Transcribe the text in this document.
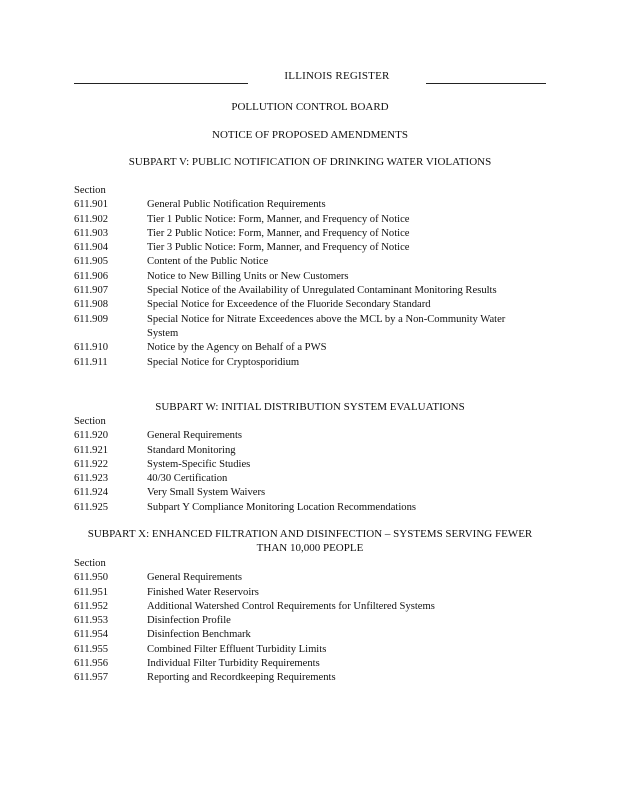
ILLINOIS REGISTER
POLLUTION CONTROL BOARD
NOTICE OF PROPOSED AMENDMENTS
SUBPART V: PUBLIC NOTIFICATION OF DRINKING WATER VIOLATIONS
Section
611.901	General Public Notification Requirements
611.902	Tier 1 Public Notice: Form, Manner, and Frequency of Notice
611.903	Tier 2 Public Notice: Form, Manner, and Frequency of Notice
611.904	Tier 3 Public Notice: Form, Manner, and Frequency of Notice
611.905	Content of the Public Notice
611.906	Notice to New Billing Units or New Customers
611.907	Special Notice of the Availability of Unregulated Contaminant Monitoring Results
611.908	Special Notice for Exceedence of the Fluoride Secondary Standard
611.909	Special Notice for Nitrate Exceedences above the MCL by a Non-Community Water System
611.910	Notice by the Agency on Behalf of a PWS
611.911	Special Notice for Cryptosporidium
SUBPART W: INITIAL DISTRIBUTION SYSTEM EVALUATIONS
Section
611.920	General Requirements
611.921	Standard Monitoring
611.922	System-Specific Studies
611.923	40/30 Certification
611.924	Very Small System Waivers
611.925	Subpart Y Compliance Monitoring Location Recommendations
SUBPART X: ENHANCED FILTRATION AND DISINFECTION – SYSTEMS SERVING FEWER THAN 10,000 PEOPLE
Section
611.950	General Requirements
611.951	Finished Water Reservoirs
611.952	Additional Watershed Control Requirements for Unfiltered Systems
611.953	Disinfection Profile
611.954	Disinfection Benchmark
611.955	Combined Filter Effluent Turbidity Limits
611.956	Individual Filter Turbidity Requirements
611.957	Reporting and Recordkeeping Requirements
